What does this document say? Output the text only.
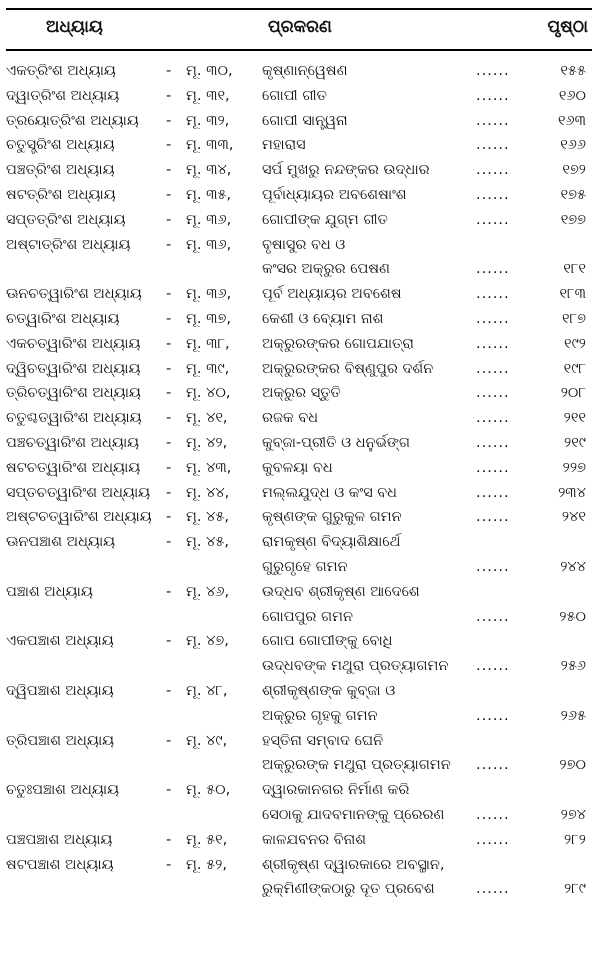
ଅଧ୍ୟାୟ	ପ୍ରକରଣ	ପୃଷ୍ଠା
ଏକତ୍ରିଂଶ ଅଧ୍ୟାୟ	- ମୂ. ୩୦, କୃଷ୍ଣାନ୍ୱେଷଣ	......	୧୫୫
ଦ୍ୱାତ୍ରିଂଶ ଅଧ୍ୟାୟ	- ମୂ. ୩୧, ଗୋପୀ ଗୀତ	......	୧୬୦
ତ୍ରୟୋତ୍ରିଂଶ ଅଧ୍ୟାୟ - ମୂ. ୩୨, ଗୋପୀ ସାନ୍ତ୍ୱନା	......	୧୬୩
ଚତୁସ୍ତ୍ରିଂଶ ଅଧ୍ୟାୟ	- ମୂ. ୩୩, ମହାରାସ	......	୧୬୬
ପଞ୍ଚତ୍ରିଂଶ ଅଧ୍ୟାୟ	- ମୂ. ୩୪, ସର୍ପ ମୁଖରୁ ନନ୍ଦଙ୍କର ଉଦ୍ଧାର	......	୧୭୨
ଷଟତ୍ରିଂଶ ଅଧ୍ୟାୟ	- ମୂ. ୩୫, ପୂର୍ବାଧ୍ୟାୟର ଅବଶେଷାଂଶ	......	୧୭୫
ସପ୍ତତ୍ରିଂଶ ଅଧ୍ୟାୟ	- ମୂ. ୩୬, ଗୋପୀଙ୍କ ଯୁଗ୍ମ ଗୀତ	......	୧୭୭
ଅଷ୍ଟାତ୍ରିଂଶ ଅଧ୍ୟାୟ - ମୂ. ୩୬, ବୃଷାସୁର ବଧ ଓ
କଂସର ଅକ୍ରୁର ପେଷଣ	......	୧୮୧
ଊନଚତ୍ୱାରିଂଶ ଅଧ୍ୟାୟ - ମୂ. ୩୬, ପୂର୍ବ ଅଧ୍ୟାୟର ଅବଶେଷ	......	୧୮୩
ଚତ୍ୱାରିଂଶ ଅଧ୍ୟାୟ	- ମୂ. ୩୭, କେଶୀ ଓ ବ୍ୟୋମ ନାଶ	......	୧୮୭
ଏକଚତ୍ୱାରିଂଶ ଅଧ୍ୟାୟ - ମୂ. ୩୮, ଅକ୍ରୁରଙ୍କର ଗୋପଯାତ୍ରା	......	୧୯୨
ଦ୍ୱିଚତ୍ୱାରିଂଶ ଅଧ୍ୟାୟ - ମୂ. ୩୯, ଅକ୍ରୁରଙ୍କର ବିଷ୍ଣୁପୁର ଦର୍ଶନ	......	୧୯୮
ତ୍ରିଚତ୍ୱାରିଂଶ ଅଧ୍ୟାୟ - ମୂ. ୪୦, ଅକ୍ରୁର ସ୍ତୁତି	......	୨୦୮
ଚତୁଶ୍ଚତ୍ୱାରିଂଶ ଅଧ୍ୟାୟ - ମୂ. ୪୧, ରଜକ ବଧ	......	୨୧୧
ପଞ୍ଚଚତ୍ୱାରିଂଶ ଅଧ୍ୟାୟ - ମୂ. ୪୨, କୁବ୍ଜା-ପ୍ରୀତି ଓ ଧନୁର୍ଭଙ୍ଗ	......	୨୧୯
ଷଟଚତ୍ୱାରିଂଶ ଅଧ୍ୟାୟ - ମୂ. ୪୩, କୁବଳୟା ବଧ	......	୨୨୭
ସପ୍ତଚତ୍ୱାରିଂଶ ଅଧ୍ୟାୟ - ମୂ. ୪୪, ମଲ୍ଲଯୁଦ୍ଧ ଓ କଂସ ବଧ	......	୨୩୪
ଅଷ୍ଟଚତ୍ୱାରିଂଶ ଅଧ୍ୟାୟ - ମୂ. ୪୫, କୃଷ୍ଣଙ୍କ ଗୁରୁକୁଳ ଗମନ	......	୨୪୧
ଊନପଞ୍ଚାଶ ଅଧ୍ୟାୟ	- ମୂ. ୪୫, ରାମକୃଷ୍ଣ ବିଦ୍ୟାଶିକ୍ଷାର୍ଥେ
ଗୁରୁଗୃହେ ଗମନ	......	୨୪୪
ପଞ୍ଚାଶ ଅଧ୍ୟାୟ	- ମୂ. ୪୬, ଉଦ୍ଧବ ଶ୍ରୀକୃଷ୍ଣ ଆଦେଶେ
ଗୋପପୁର ଗମନ	......	୨୫୦
ଏକପଞ୍ଚାଶ ଅଧ୍ୟାୟ	- ମୂ. ୪୭, ଗୋପ ଗୋପୀଙ୍କୁ ବୋଧି
ଉଦ୍ଧବଙ୍କ ମଥୁରା ପ୍ରତ୍ୟାଗମନ ......	୨୫୬
ଦ୍ୱିପଞ୍ଚାଶ ଅଧ୍ୟାୟ	- ମୂ. ୪୮, ଶ୍ରୀକୃଷ୍ଣଙ୍କ କୁବ୍ଜା ଓ
ଅକ୍ରୁର ଗୃହକୁ ଗମନ	......	୨୬୫
ତ୍ରିପଞ୍ଚାଶ ଅଧ୍ୟାୟ	- ମୂ. ୪୯, ହସ୍ତିନା ସମ୍ବାଦ ଘେନି
ଅକ୍ରୁରଙ୍କ ମଥୁରା ପ୍ରତ୍ୟାଗମନ ......	୨୭୦
ଚତୁଃପଞ୍ଚାଶ ଅଧ୍ୟାୟ	- ମୂ. ୫୦, ଦ୍ୱାରକାନଗର ନିର୍ମାଣ କରି
ସେଠାକୁ ଯାଦବମାନଙ୍କୁ ପ୍ରେରଣ ......	୨୭୪
ପଞ୍ଚପଞ୍ଚାଶ ଅଧ୍ୟାୟ	- ମୂ. ୫୧, କାଳଯବନର ବିନାଶ	......	୨୮୨
ଷଟପଞ୍ଚାଶ ଅଧ୍ୟାୟ	- ମୂ. ୫୨, ଶ୍ରୀକୃଷ୍ଣ ଦ୍ୱାରକାରେ ଅବସ୍ଥାନ,
ରୁକ୍ମିଣୀଙ୍କଠାରୁ ଦୂତ ପ୍ରବେଶ	......	୨୮୯
